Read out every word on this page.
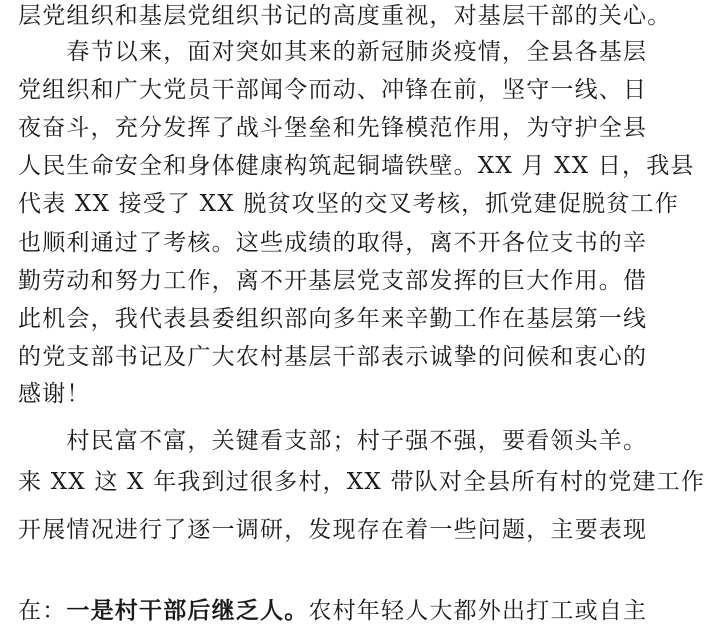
层党组织和基层党组织书记的高度重视，对基层干部的关心。
　　春节以来，面对突如其来的新冠肺炎疫情，全县各基层
党组织和广大党员干部闻令而动、冲锋在前，坚守一线、日
夜奋斗，充分发挥了战斗堡垒和先锋模范作用，为守护全县
人民生命安全和身体健康构筑起铜墙铁壁。XX 月 XX 日，我县
代表 XX 接受了 XX 脱贫攻坚的交叉考核，抓党建促脱贫工作
也顺利通过了考核。这些成绩的取得，离不开各位支书的辛
勤劳动和努力工作，离不开基层党支部发挥的巨大作用。借
此机会，我代表县委组织部向多年来辛勤工作在基层第一线
的党支部书记及广大农村基层干部表示诚挚的问候和衷心的
感谢！
　　村民富不富，关键看支部；村子强不强，要看领头羊。
来 XX 这 X 年我到过很多村，XX 带队对全县所有村的党建工作
开展情况进行了逐一调研，发现存在着一些问题，主要表现
在：一是村干部后继乏人。农村年轻人大都外出打工或自主
